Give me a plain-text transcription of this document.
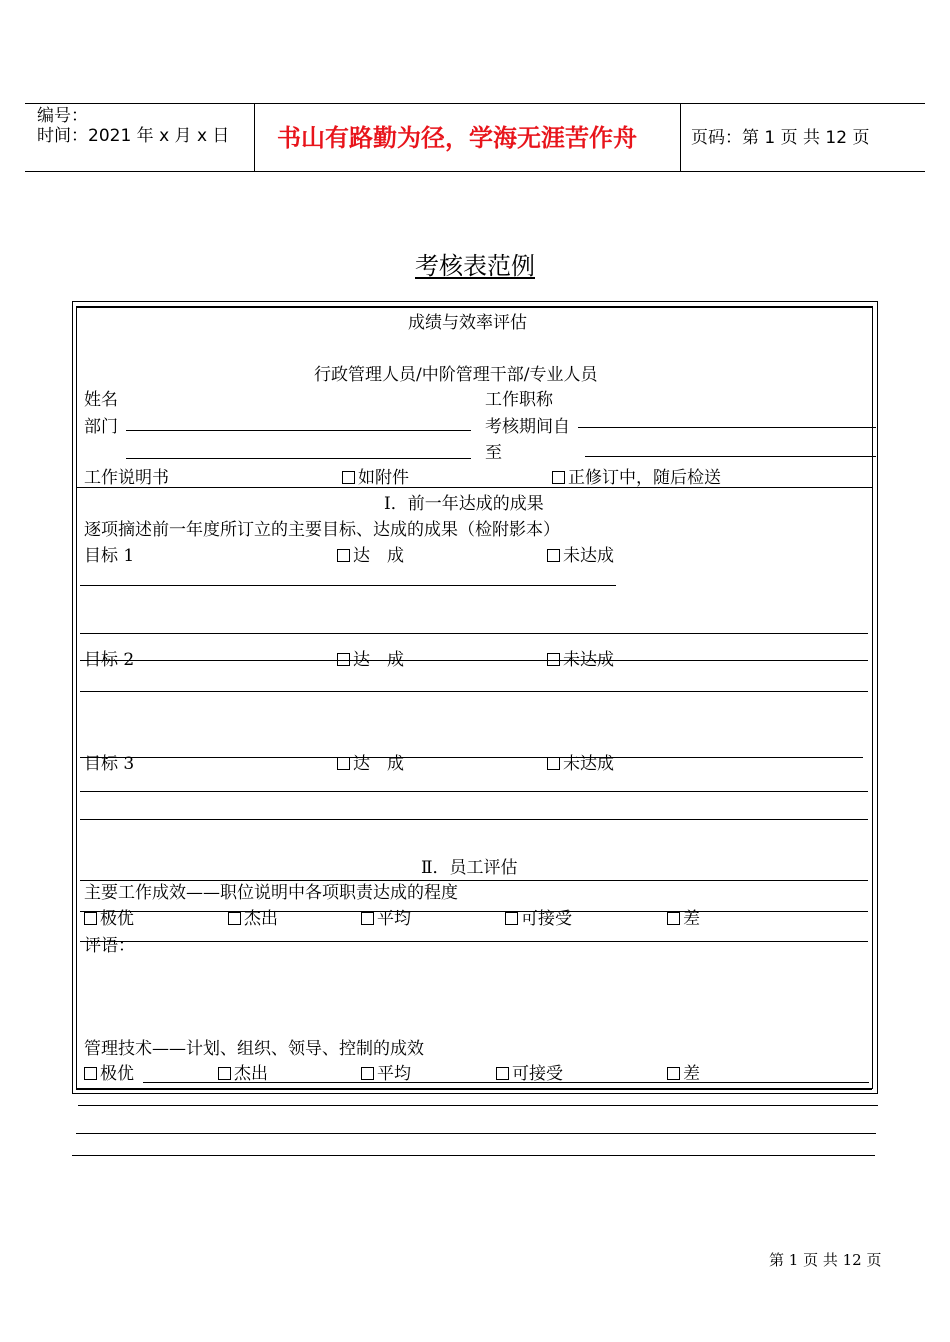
编号：
时间：2021 年 x 月 x 日 书山有路勤为径，学海无涯苦作舟	页码：第 1 页 共 12 页
考核表范例
成绩与效率评估
行政管理人员/中阶管理干部/专业人员
姓名	工作职称
部门	考核期间自
至
工作说明书	如附件	正修订中，随后检送
Ⅰ．前一年达成的成果
逐项摘述前一年度所订立的主要目标、达成的成果（检附影本）
目标 1	达　成	未达成
目标 2	达　成	未达成
目标 3	达　成	未达成
Ⅱ．员工评估
主要工作成效——职位说明中各项职责达成的程度
极优	杰出	平均	可接受	差
评语：
管理技术——计划、组织、领导、控制的成效
极优	杰出	平均	可接受	差
第 1 页 共 12 页
